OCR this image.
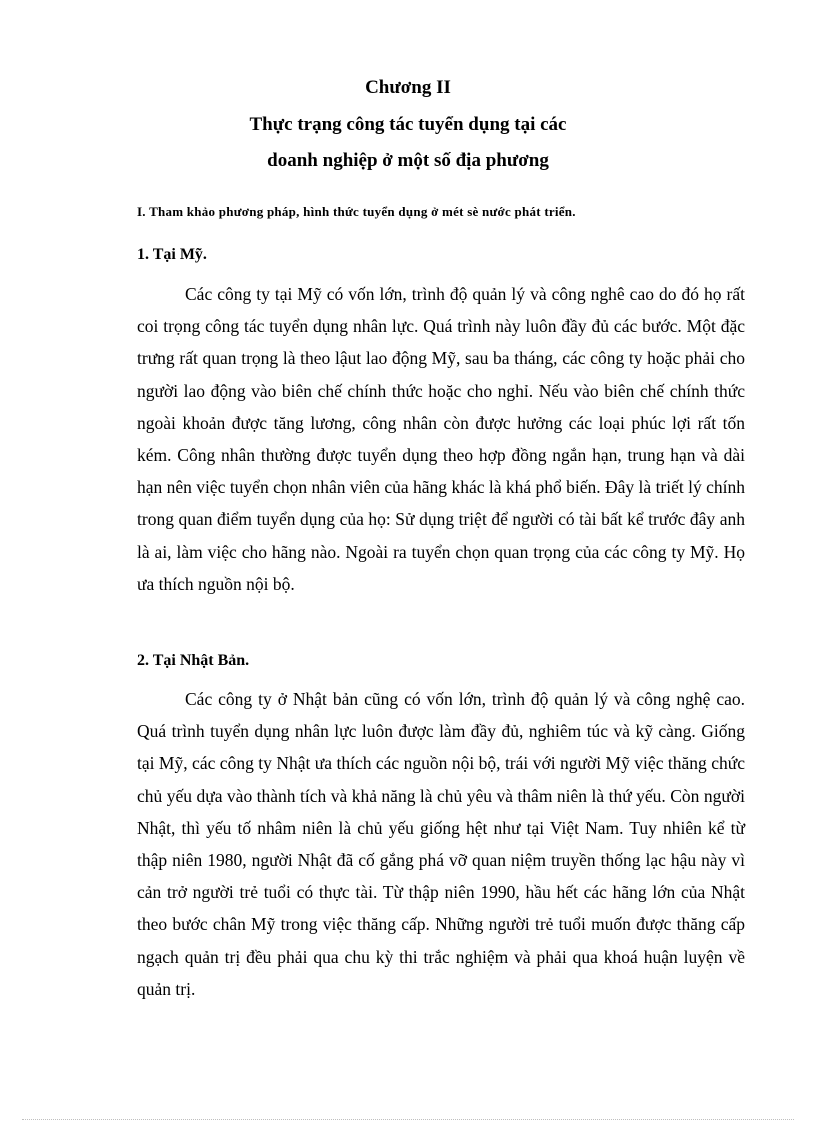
Chương II
Thực trạng công tác tuyển dụng tại các
doanh nghiệp ở một số địa phương
I. Tham khảo phương pháp, hình thức tuyển dụng ở mét sè nước phát triển.
1. Tại Mỹ.

Các công ty tại Mỹ có vốn lớn, trình độ quản lý và công nghê cao do đó họ rất coi trọng công tác tuyển dụng nhân lực. Quá trình này luôn đầy đủ các bước. Một đặc trưng rất quan trọng là theo lậut lao động Mỹ, sau ba tháng, các công ty hoặc phải cho người lao động vào biên chế chính thức hoặc cho nghỉ. Nếu vào biên chế chính thức ngoài khoản được tăng lương, công nhân còn được hưởng các loại phúc lợi rất tốn kém. Công nhân thường được tuyển dụng theo hợp đồng ngắn hạn, trung hạn và dài hạn nên việc tuyển chọn nhân viên của hãng khác là khá phổ biến. Đây là triết lý chính trong quan điểm tuyển dụng của họ: Sử dụng triệt để người có tài bất kể trước đây anh là ai, làm việc cho hãng nào. Ngoài ra tuyển chọn quan trọng của các công ty Mỹ. Họ ưa thích nguồn nội bộ.

2. Tại Nhật Bản.

Các công ty ở Nhật bản cũng có vốn lớn, trình độ quản lý và công nghệ cao. Quá trình tuyển dụng nhân lực luôn được làm đầy đủ, nghiêm túc và kỹ càng. Giống tại Mỹ, các công ty Nhật ưa thích các nguồn nội bộ, trái với người Mỹ việc thăng chức chủ yếu dựa vào thành tích và khả năng là chủ yêu và thâm niên là thứ yếu. Còn người Nhật, thì yếu tố nhâm niên là chủ yếu giống hệt như tại Việt Nam. Tuy nhiên kể từ thập niên 1980, người Nhật đã cố gắng phá vỡ quan niệm truyền thống lạc hậu này vì cản trở người trẻ tuổi có thực tài. Từ thập niên 1990, hầu hết các hãng lớn của Nhật theo bước chân Mỹ trong việc thăng cấp. Những người trẻ tuổi muốn được thăng cấp ngạch quản trị đều phải qua chu kỳ thi trắc nghiệm và phải qua khoá huận luyện về quản trị.
